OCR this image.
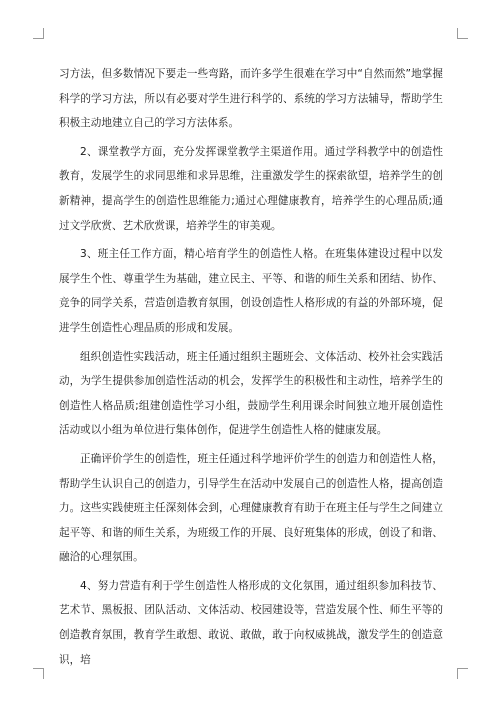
习方法，但多数情况下要走一些弯路，而许多学生很难在学习中“自然而然”地掌握科学的学习方法，所以有必要对学生进行科学的、系统的学习方法辅导，帮助学生积极主动地建立自己的学习方法体系。

2、课堂教学方面，充分发挥课堂教学主渠道作用。通过学科教学中的创造性教育，发展学生的求同思维和求异思维，注重激发学生的探索欲望，培养学生的创新精神，提高学生的创造性思维能力;通过心理健康教育，培养学生的心理品质;通过文学欣赏、艺术欣赏课，培养学生的审美观。

3、班主任工作方面，精心培育学生的创造性人格。在班集体建设过程中以发展学生个性、尊重学生为基础，建立民主、平等、和谐的师生关系和团结、协作、竞争的同学关系，营造创造教育氛围，创设创造性人格形成的有益的外部环境，促进学生创造性心理品质的形成和发展。

组织创造性实践活动，班主任通过组织主题班会、文体活动、校外社会实践活动，为学生提供参加创造性活动的机会，发挥学生的积极性和主动性，培养学生的创造性人格品质;组建创造性学习小组，鼓励学生利用课余时间独立地开展创造性活动或以小组为单位进行集体创作，促进学生创造性人格的健康发展。

正确评价学生的创造性，班主任通过科学地评价学生的创造力和创造性人格，帮助学生认识自己的创造力，引导学生在活动中发展自己的创造性人格，提高创造力。这些实践使班主任深刻体会到，心理健康教育有助于在班主任与学生之间建立起平等、和谐的师生关系，为班级工作的开展、良好班集体的形成，创设了和谐、融洽的心理氛围。

4、努力营造有利于学生创造性人格形成的文化氛围，通过组织参加科技节、艺术节、黑板报、团队活动、文体活动、校园建设等，营造发展个性、师生平等的创造教育氛围，教育学生敢想、敢说、敢做，敢于向权威挑战，激发学生的创造意识，培
